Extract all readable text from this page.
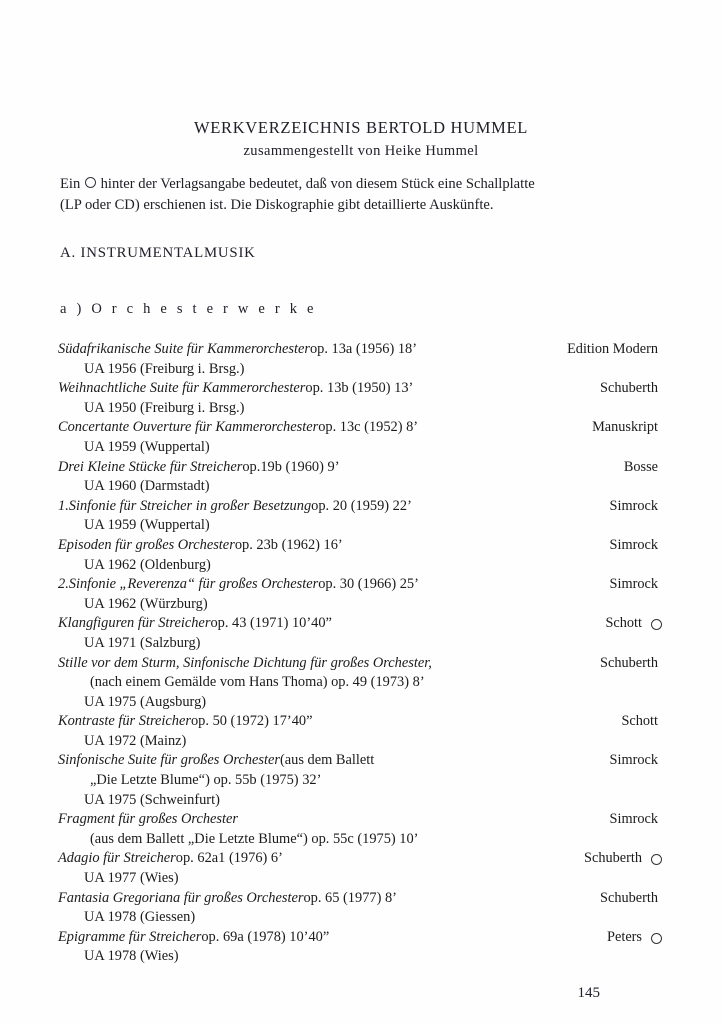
WERKVERZEICHNIS BERTOLD HUMMEL
zusammengestellt von Heike Hummel
Ein hinter der Verlagsangabe bedeutet, daß von diesem Stück eine Schallplatte
(LP oder CD) erschienen ist. Die Diskographie gibt detaillierte Auskünfte.
A. INSTRUMENTALMUSIK
a ) O r c h e s t e r w e r k e
Südafrikanische Suite für Kammerorchesterop. 13a (1956) 18’	Edition Modern
UA 1956 (Freiburg i. Brsg.)
Weihnachtliche Suite für Kammerorchesterop. 13b (1950) 13’	Schuberth
UA 1950 (Freiburg i. Brsg.)
Concertante Ouverture für Kammerorchesterop. 13c (1952) 8’	Manuskript
UA 1959 (Wuppertal)
Drei Kleine Stücke für Streicherop.19b (1960) 9’	Bosse
UA 1960 (Darmstadt)
1.Sinfonie für Streicher in großer Besetzungop. 20 (1959) 22’	Simrock
UA 1959 (Wuppertal)
Episoden für großes Orchesterop. 23b (1962) 16’	Simrock
UA 1962 (Oldenburg)
2.Sinfonie „Reverenza“ für großes Orchesterop. 30 (1966) 25’	Simrock
UA 1962 (Würzburg)
Klangfiguren für Streicherop. 43 (1971) 10’40”	Schott
UA 1971 (Salzburg)
Stille vor dem Sturm, Sinfonische Dichtung für großes Orchester,	Schuberth
(nach einem Gemälde vom Hans Thoma) op. 49 (1973) 8’
UA 1975 (Augsburg)
Kontraste für Streicherop. 50 (1972) 17’40”	Schott
UA 1972 (Mainz)
Sinfonische Suite für großes Orchester(aus dem Ballett	Simrock
„Die Letzte Blume“) op. 55b (1975) 32’
UA 1975 (Schweinfurt)
Fragment für großes Orchester	Simrock
(aus dem Ballett „Die Letzte Blume“) op. 55c (1975) 10’
Adagio für Streicherop. 62a1 (1976) 6’	Schuberth
UA 1977 (Wies)
Fantasia Gregoriana für großes Orchesterop. 65 (1977) 8’	Schuberth
UA 1978 (Giessen)
Epigramme für Streicherop. 69a (1978) 10’40”	Peters
UA 1978 (Wies)
145
